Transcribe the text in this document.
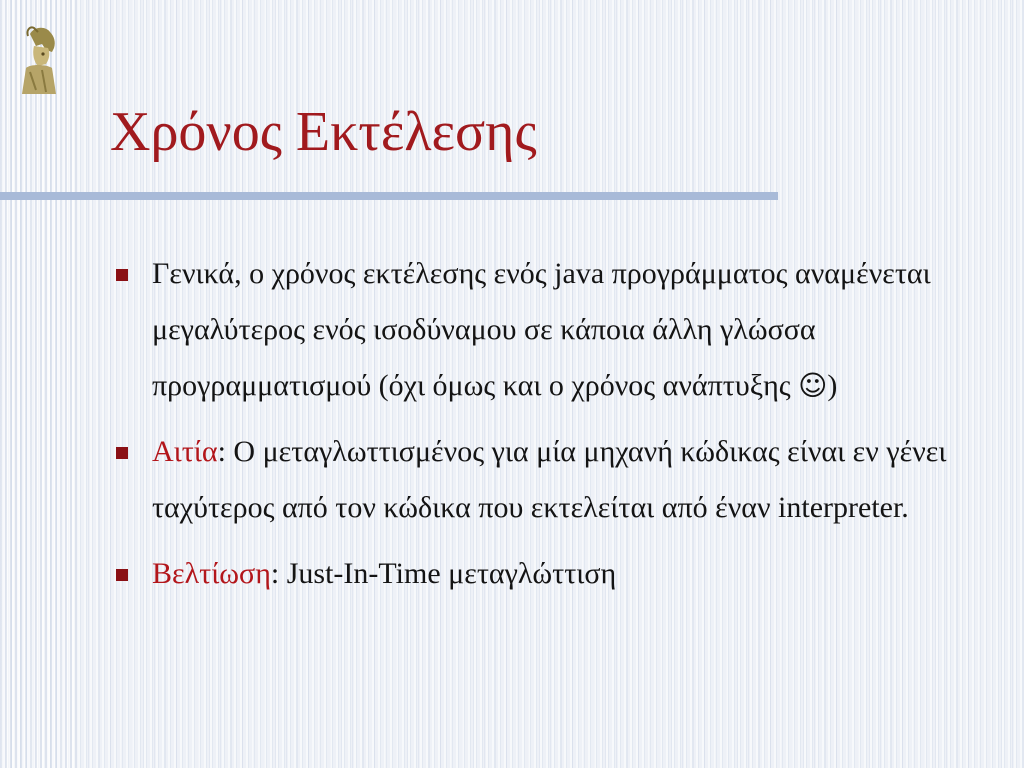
Χρόνος Εκτέλεσης
Γενικά, ο χρόνος εκτέλεσης ενός java προγράμματος αναμένεται μεγαλύτερος ενός ισοδύναμου σε κάποια άλλη γλώσσα προγραμματισμού (όχι όμως και ο χρόνος ανάπτυξης ☺)
Αιτία: Ο μεταγλωττισμένος για μία μηχανή κώδικας είναι εν γένει ταχύτερος από τον κώδικα που εκτελείται από έναν interpreter.
Βελτίωση: Just-In-Time μεταγλώττιση
